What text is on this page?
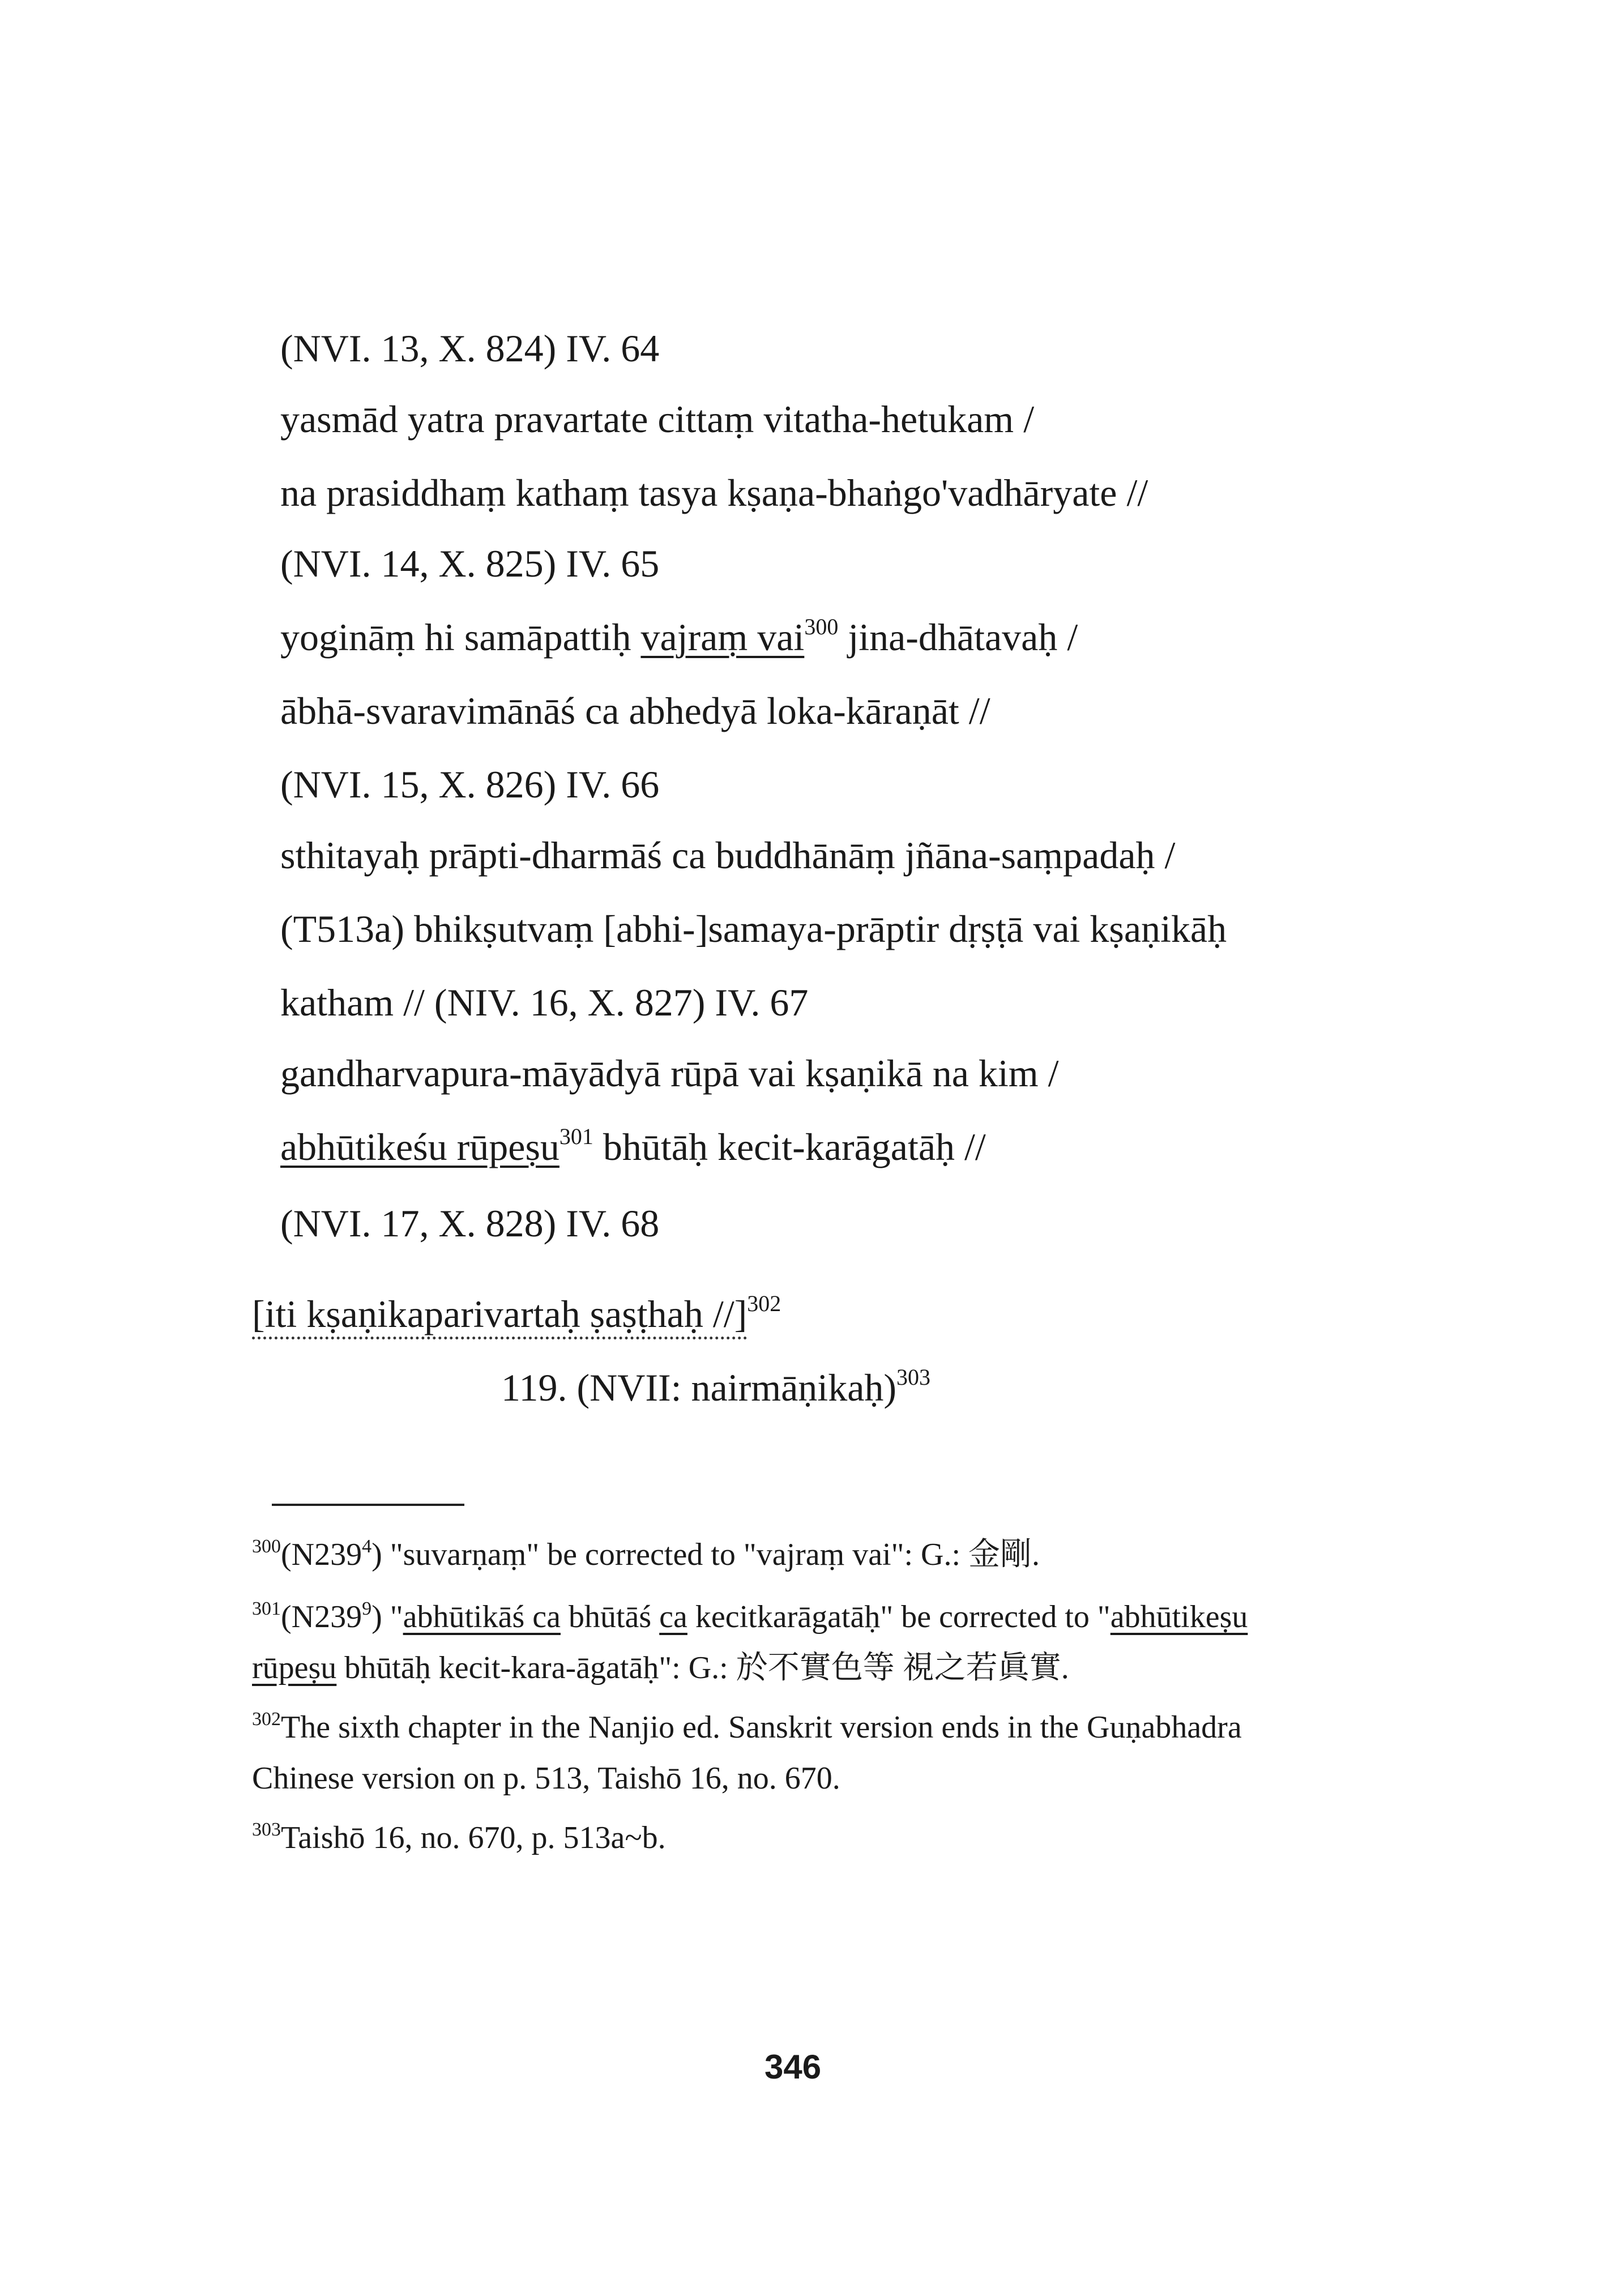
(NVI. 13, X. 824) IV. 64
yasmād yatra pravartate cittaṃ vitatha-hetukam /
na prasiddhaṃ kathaṃ tasya kṣaṇa-bhaṅgo'vadhāryate //
(NVI. 14, X. 825) IV. 65
yogināṃ hi samāpattiḥ vajraṃ vai$^{300}$ jina-dhātavaḥ /
ābhā-svaravimānāś ca abhedyā loka-kāraṇāt //
(NVI. 15, X. 826) IV. 66
sthitayaḥ prāpti-dharmāś ca buddhānāṃ jñāna-saṃpadaḥ /
(T513a) bhikṣutvaṃ [abhi-]samaya-prāptir dṛṣṭā vai kṣaṇikāḥ
katham // (NIV. 16, X. 827) IV. 67
gandharvapura-māyādyā rūpā vai kṣaṇikā na kim /
abhūtikeśu rūpeṣu$^{301}$ bhūtāḥ kecit-karāgatāḥ //
(NVI. 17, X. 828) IV. 68
[iti kṣaṇikaparivartaḥ ṣaṣṭhaḥ //]$^{302}$
119. (NVII: nairmāṇikaḥ)$^{303}$
$^{300}(N239^4)$ "suvarṇaṃ" be corrected to "vajraṃ vai": G.: 金剛.
$^{301}(N239^9)$ "abhūtikāś ca bhūtāś ca kecitkarāgatāḥ" be corrected to "abhūtikeṣu
rūpeṣu bhūtāḥ kecit-kara-āgatāḥ": G.: 於不實色等 視之若眞實.
$^{302}$The sixth chapter in the Nanjio ed. Sanskrit version ends in the Guṇabhadra
Chinese version on p. 513, Taishō 16, no. 670.
$^{303}$Taishō 16, no. 670, p. 513a~b.
346
